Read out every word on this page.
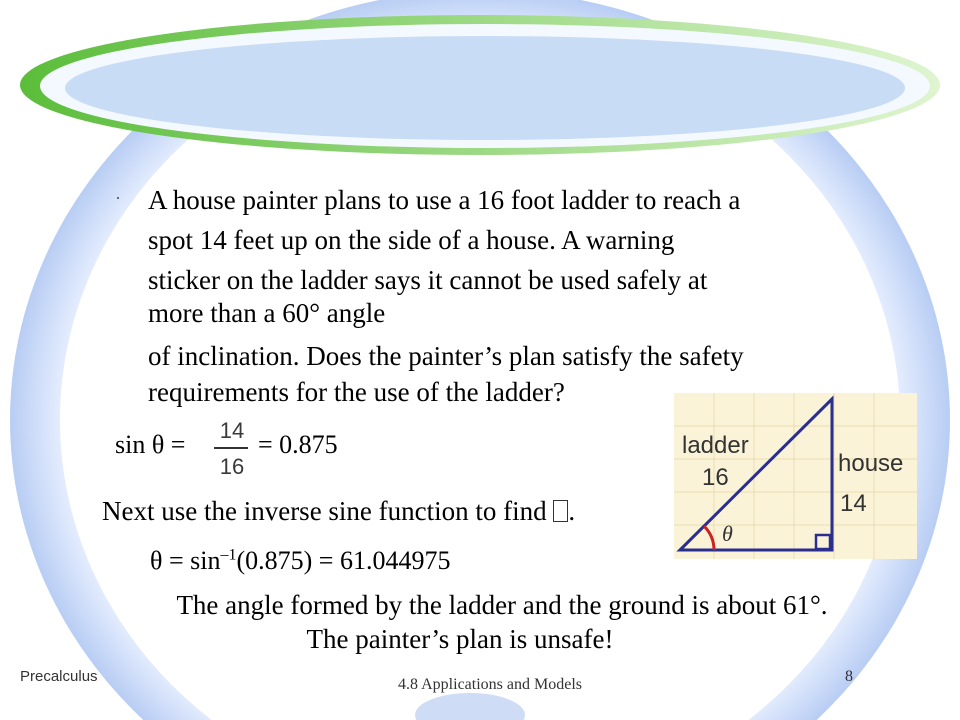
· A house painter plans to use a 16 foot ladder to reach a
spot 14 feet up on the side of a house. A warning
sticker on the ladder says it cannot be used safely at
more than a 60° angle
of inclination. Does the painter’s plan satisfy the safety
requirements for the use of the ladder?
sin θ =	14
16
= 0.875
Next use the inverse sine function to find .
$\theta = \sin^{-1}(0.875) = 61.044975$
ladder
16
house
14
θ
The angle formed by the ladder and the ground is about 61°.
The painter’s plan is unsafe!
Precalculus	4.8 Applications and Models	8
